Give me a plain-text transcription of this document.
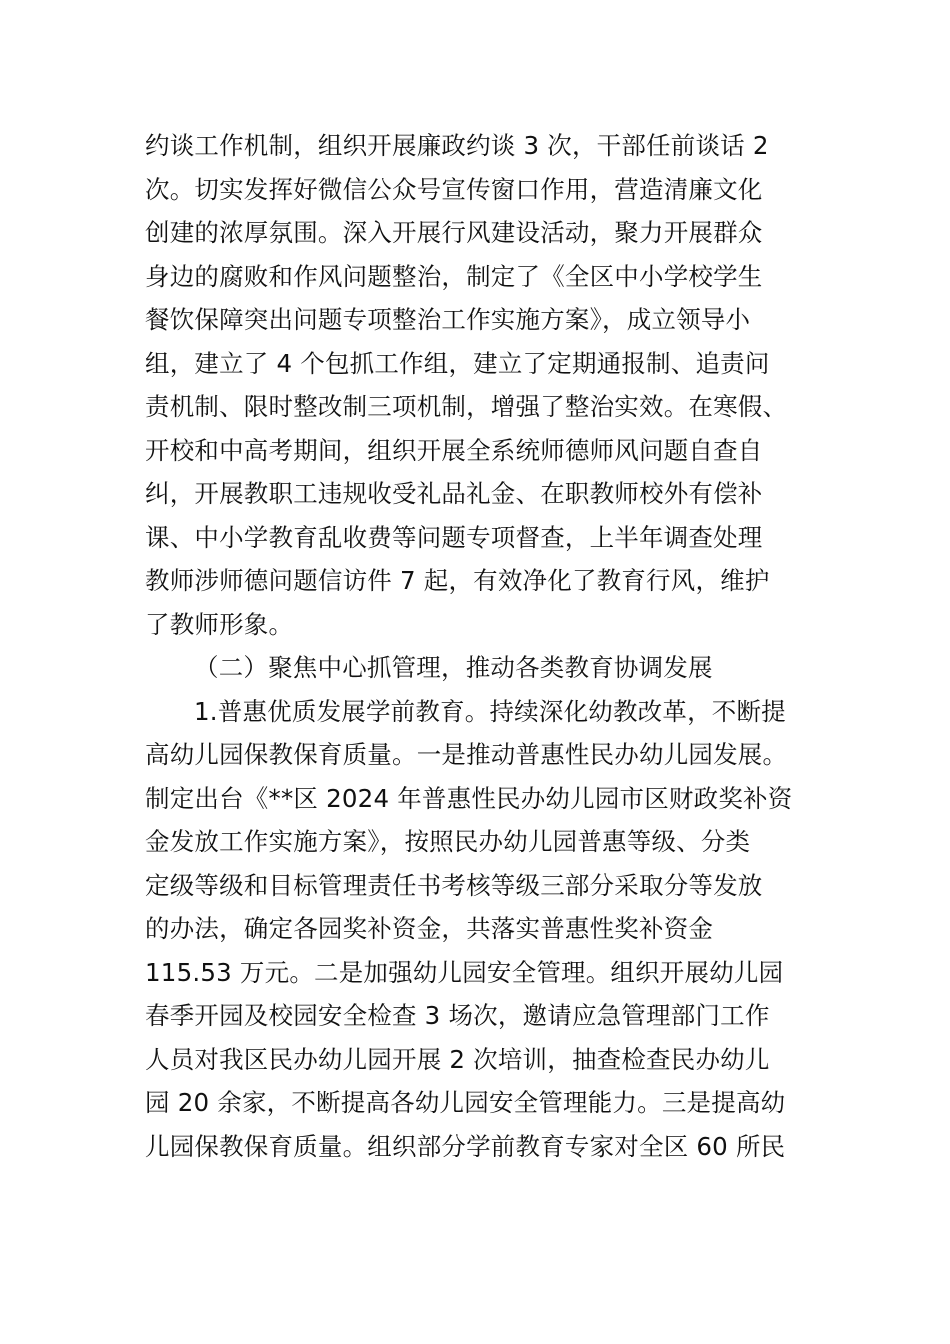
约谈工作机制，组织开展廉政约谈 3 次，干部任前谈话 2
次。切实发挥好微信公众号宣传窗口作用，营造清廉文化
创建的浓厚氛围。深入开展行风建设活动，聚力开展群众
身边的腐败和作风问题整治，制定了《全区中小学校学生
餐饮保障突出问题专项整治工作实施方案》，成立领导小
组，建立了 4 个包抓工作组，建立了定期通报制、追责问
责机制、限时整改制三项机制，增强了整治实效。在寒假、
开校和中高考期间，组织开展全系统师德师风问题自查自
纠，开展教职工违规收受礼品礼金、在职教师校外有偿补
课、中小学教育乱收费等问题专项督查，上半年调查处理
教师涉师德问题信访件 7 起，有效净化了教育行风，维护
了教师形象。
（二）聚焦中心抓管理，推动各类教育协调发展
1.普惠优质发展学前教育。持续深化幼教改革，不断提
高幼儿园保教保育质量。一是推动普惠性民办幼儿园发展。
制定出台《**区 2024 年普惠性民办幼儿园市区财政奖补资
金发放工作实施方案》，按照民办幼儿园普惠等级、分类
定级等级和目标管理责任书考核等级三部分采取分等发放
的办法，确定各园奖补资金，共落实普惠性奖补资金
115.53 万元。二是加强幼儿园安全管理。组织开展幼儿园
春季开园及校园安全检查 3 场次，邀请应急管理部门工作
人员对我区民办幼儿园开展 2 次培训，抽查检查民办幼儿
园 20 余家，不断提高各幼儿园安全管理能力。三是提高幼
儿园保教保育质量。组织部分学前教育专家对全区 60 所民
